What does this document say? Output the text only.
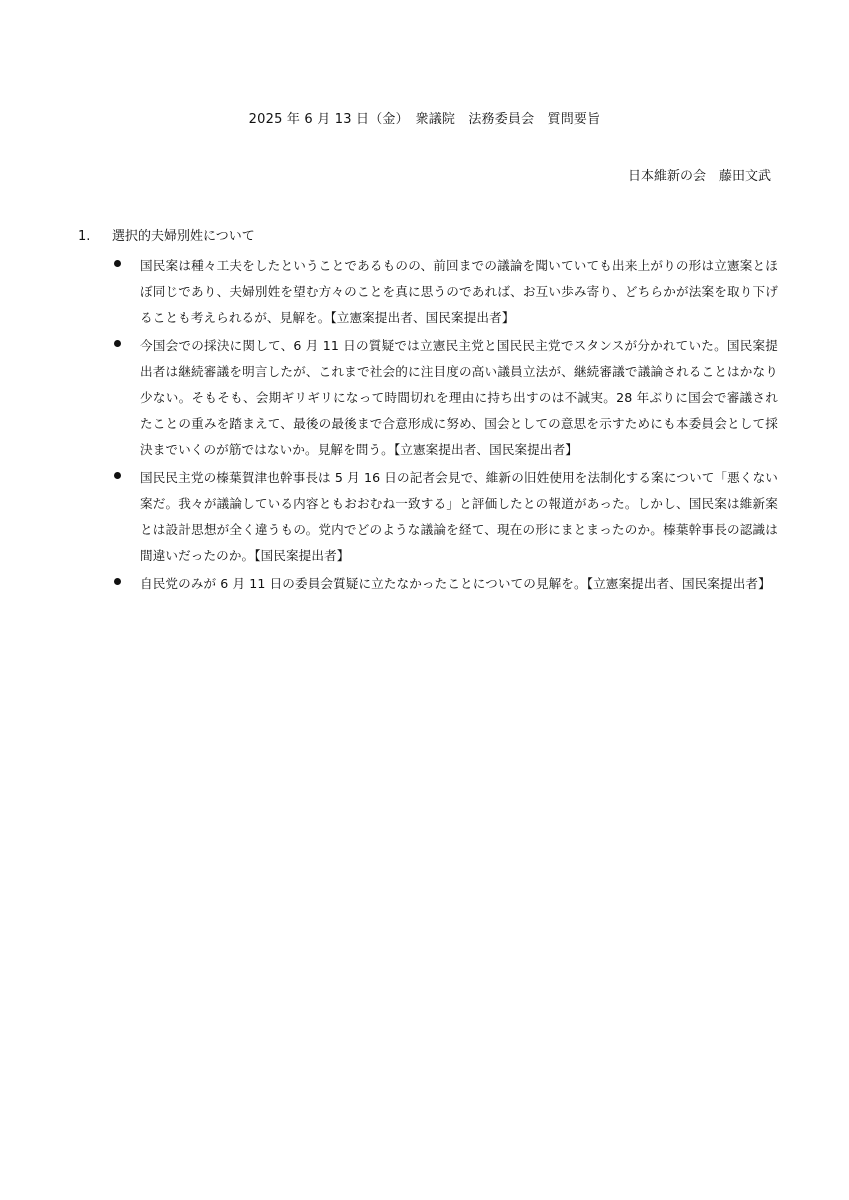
2025 年 6 月 13 日（金）　衆議院　法務委員会　質問要旨
日本維新の会　藤田文武
1.	選択的夫婦別姓について
国民案は種々工夫をしたということであるものの、前回までの議論を聞いていても出来上がりの形は立憲案とほぼ同じであり、夫婦別姓を望む方々のことを真に思うのであれば、お互い歩み寄り、どちらかが法案を取り下げることも考えられるが、見解を。【立憲案提出者、国民案提出者】
今国会での採決に関して、6 月 11 日の質疑では立憲民主党と国民民主党でスタンスが分かれていた。国民案提出者は継続審議を明言したが、これまで社会的に注目度の高い議員立法が、継続審議で議論されることはかなり少ない。そもそも、会期ギリギリになって時間切れを理由に持ち出すのは不誠実。28 年ぶりに国会で審議されたことの重みを踏まえて、最後の最後まで合意形成に努め、国会としての意思を示すためにも本委員会として採決までいくのが筋ではないか。見解を問う。【立憲案提出者、国民案提出者】
国民民主党の榛葉賀津也幹事長は 5 月 16 日の記者会見で、維新の旧姓使用を法制化する案について「悪くない案だ。我々が議論している内容ともおおむね一致する」と評価したとの報道があった。しかし、国民案は維新案とは設計思想が全く違うもの。党内でどのような議論を経て、現在の形にまとまったのか。榛葉幹事長の認識は間違いだったのか。【国民案提出者】
自民党のみが 6 月 11 日の委員会質疑に立たなかったことについての見解を。【立憲案提出者、国民案提出者】
